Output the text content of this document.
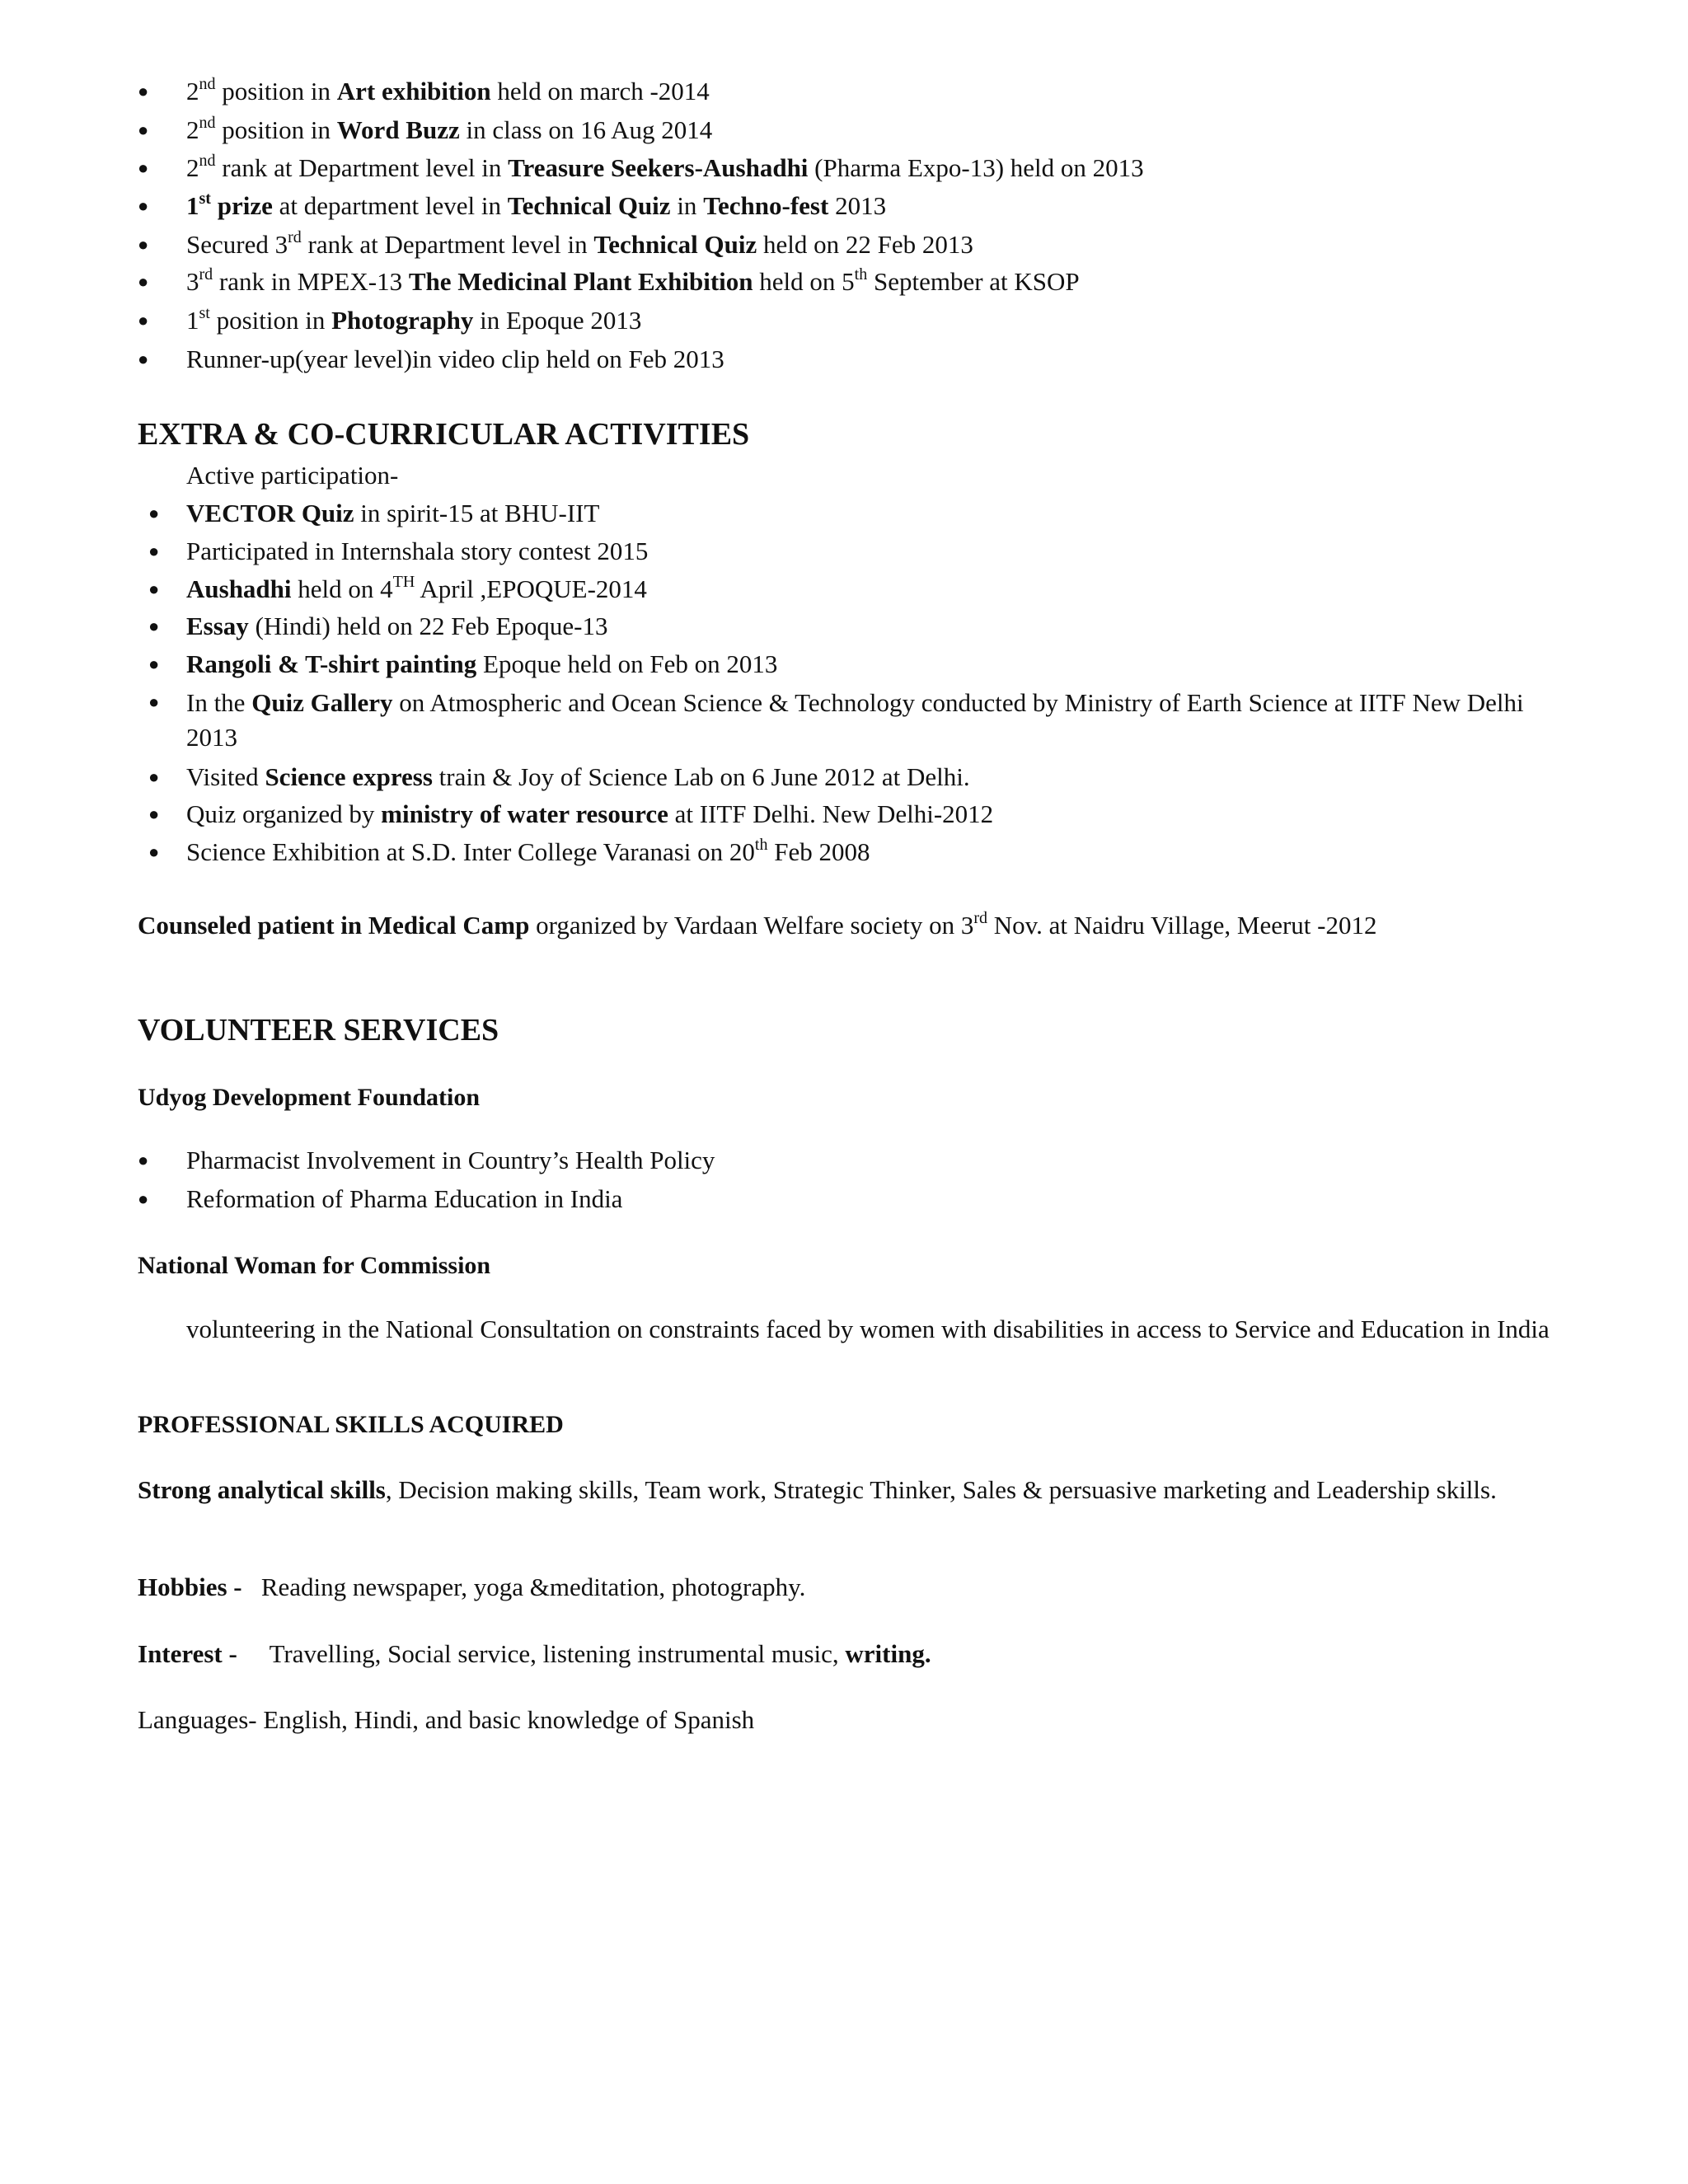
● 2nd position in Art exhibition held on march -2014
● 2nd position in Word Buzz in class on 16 Aug 2014
● 2nd rank at Department level in Treasure Seekers-Aushadhi (Pharma Expo-13) held on 2013
● 1st prize at department level in Technical Quiz in Techno-fest 2013
● Secured 3rd rank at Department level in Technical Quiz held on 22 Feb 2013
● 3rd rank in MPEX-13 The Medicinal Plant Exhibition held on 5th September at KSOP
● 1st position in Photography in Epoque 2013
● Runner-up(year level)in video clip held on Feb 2013
EXTRA & CO-CURRICULAR ACTIVITIES
Active participation-
● VECTOR Quiz in spirit-15 at BHU-IIT
● Participated in Internshala story contest 2015
● Aushadhi held on 4TH April ,EPOQUE-2014
● Essay (Hindi) held on 22 Feb Epoque-13
● Rangoli & T-shirt painting Epoque held on Feb on 2013
● In the Quiz Gallery on Atmospheric and Ocean Science & Technology conducted by Ministry of Earth Science at IITF New Delhi 2013
● Visited Science express train & Joy of Science Lab on 6 June 2012 at Delhi.
● Quiz organized by ministry of water resource at IITF Delhi. New Delhi-2012
● Science Exhibition at S.D. Inter College Varanasi on 20th Feb 2008
Counseled patient in Medical Camp organized by Vardaan Welfare society on 3rd Nov. at Naidru Village, Meerut -2012
VOLUNTEER SERVICES
Udyog Development Foundation
● Pharmacist Involvement in Country’s Health Policy
● Reformation of Pharma Education in India
National Woman for Commission
volunteering in the National Consultation on constraints faced by women with disabilities in access to Service and Education in India
PROFESSIONAL SKILLS ACQUIRED
Strong analytical skills, Decision making skills, Team work, Strategic Thinker, Sales & persuasive marketing and Leadership skills.
Hobbies - Reading newspaper, yoga &meditation, photography.
Interest - Travelling, Social service, listening instrumental music, writing.
Languages- English, Hindi, and basic knowledge of Spanish
